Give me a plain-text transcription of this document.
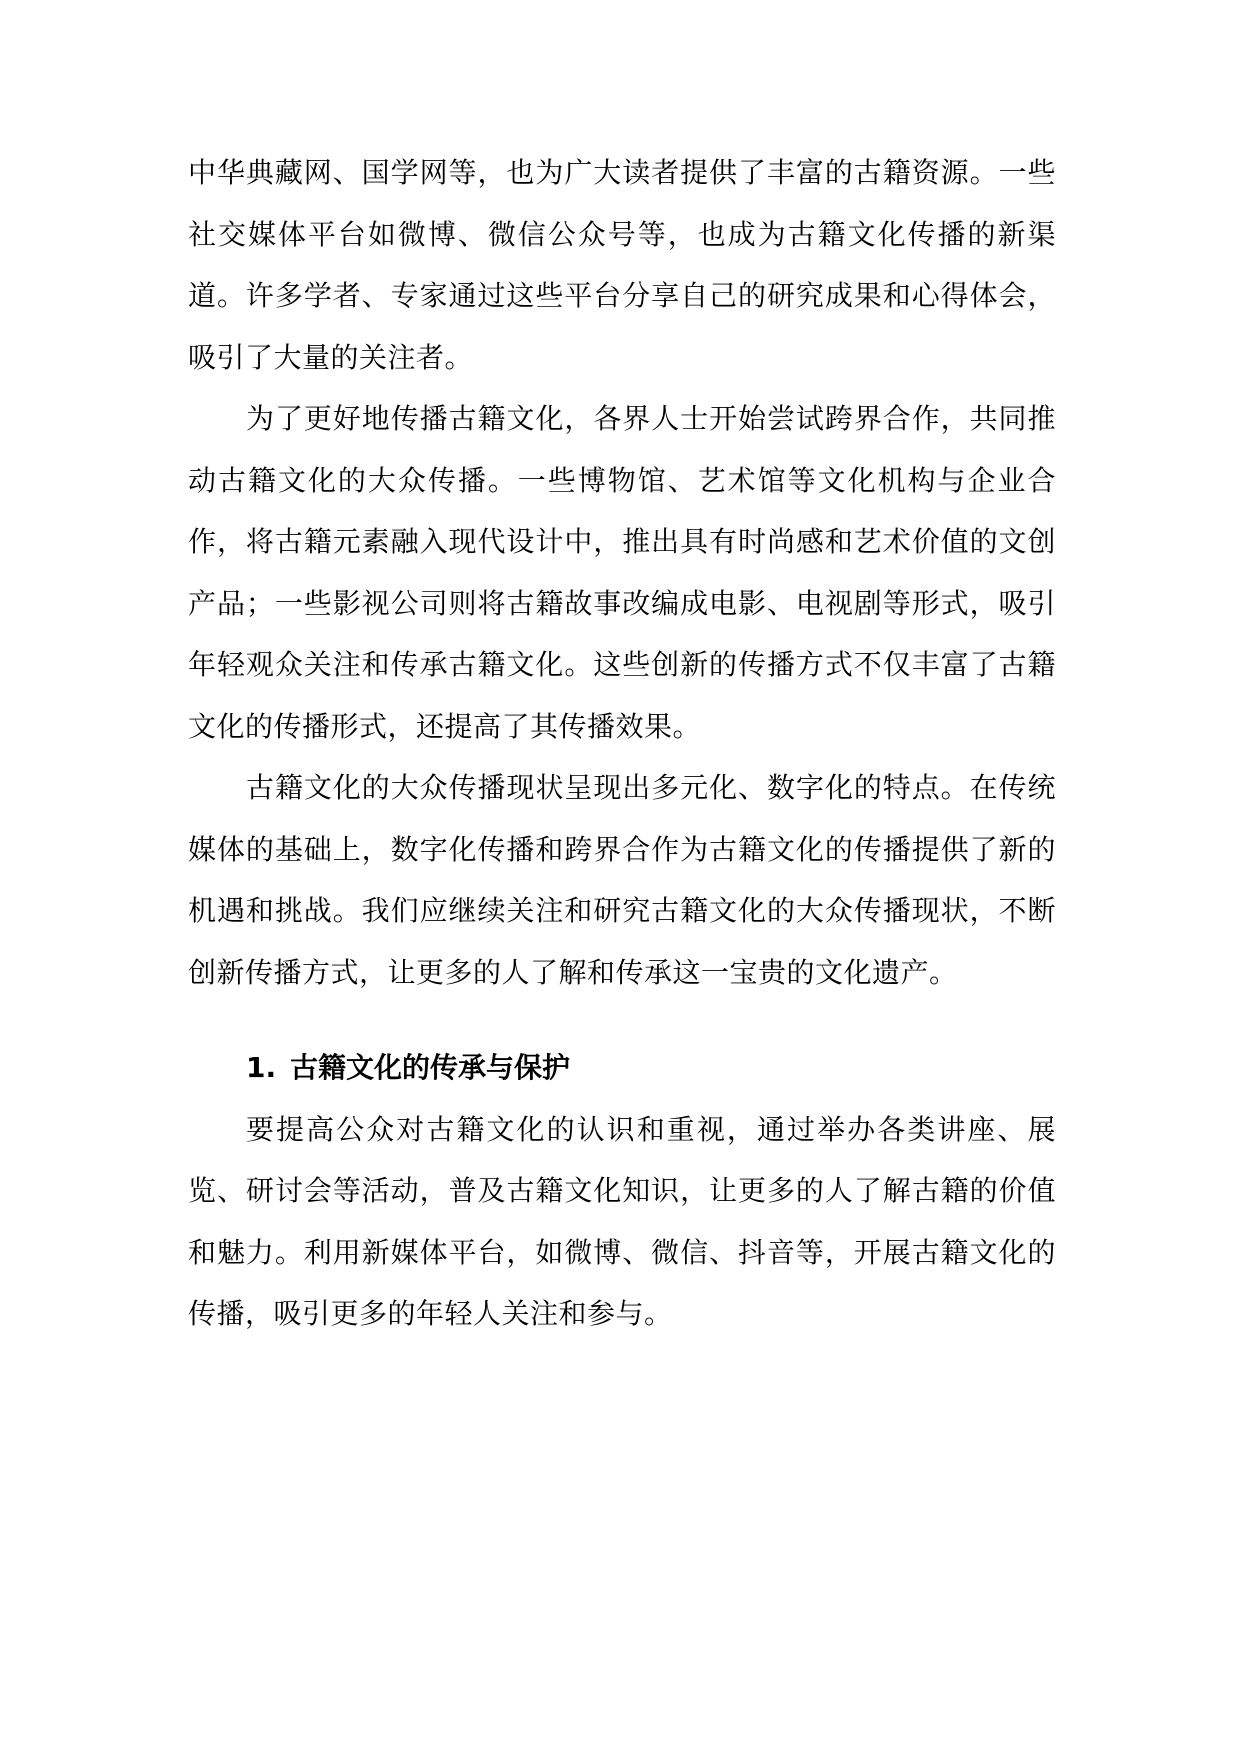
中华典藏网、国学网等，也为广大读者提供了丰富的古籍资源。一些社交媒体平台如微博、微信公众号等，也成为古籍文化传播的新渠道。许多学者、专家通过这些平台分享自己的研究成果和心得体会，吸引了大量的关注者。

为了更好地传播古籍文化，各界人士开始尝试跨界合作，共同推动古籍文化的大众传播。一些博物馆、艺术馆等文化机构与企业合作，将古籍元素融入现代设计中，推出具有时尚感和艺术价值的文创产品；一些影视公司则将古籍故事改编成电影、电视剧等形式，吸引年轻观众关注和传承古籍文化。这些创新的传播方式不仅丰富了古籍文化的传播形式，还提高了其传播效果。

古籍文化的大众传播现状呈现出多元化、数字化的特点。在传统媒体的基础上，数字化传播和跨界合作为古籍文化的传播提供了新的机遇和挑战。我们应继续关注和研究古籍文化的大众传播现状，不断创新传播方式，让更多的人了解和传承这一宝贵的文化遗产。

1. 古籍文化的传承与保护

要提高公众对古籍文化的认识和重视，通过举办各类讲座、展览、研讨会等活动，普及古籍文化知识，让更多的人了解古籍的价值和魅力。利用新媒体平台，如微博、微信、抖音等，开展古籍文化的传播，吸引更多的年轻人关注和参与。
